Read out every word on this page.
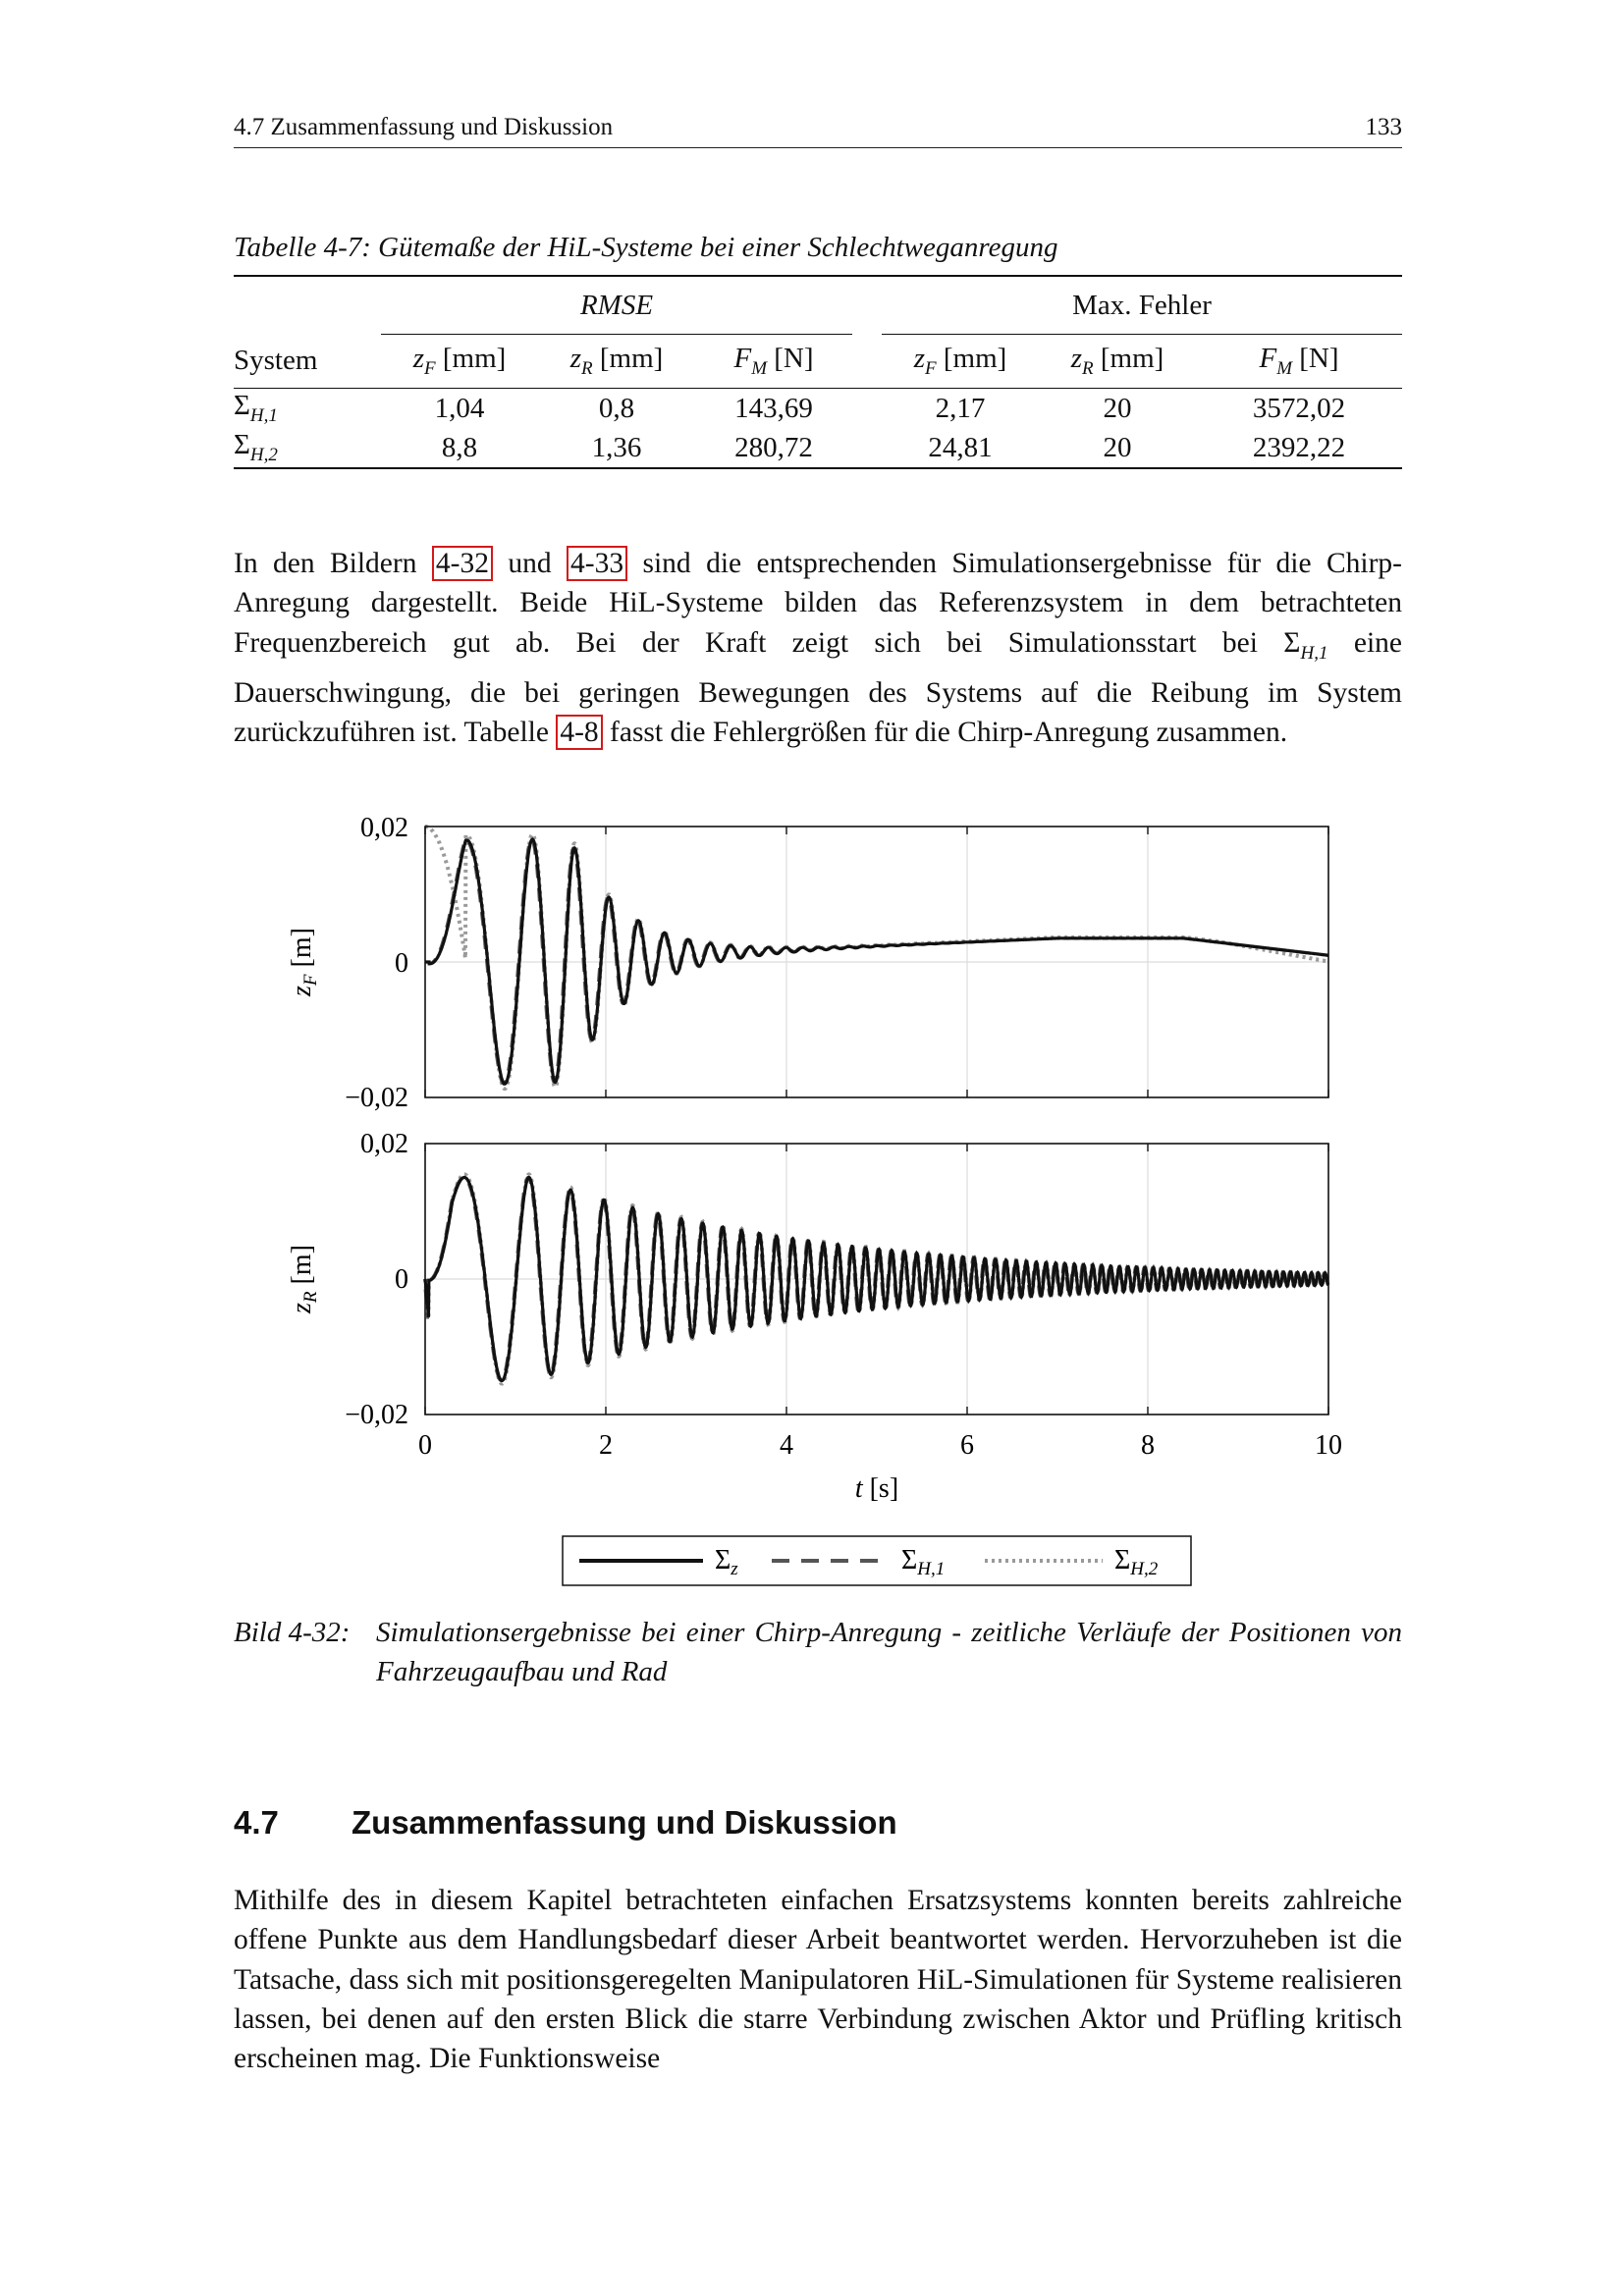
4.7 Zusammenfassung und Diskussion	133
Tabelle 4-7: Gütemaße der HiL-Systeme bei einer Schlechtweganregung
	RMSE				Max. Fehler		
System	$z_F$ [mm]	$z_R$ [mm]	$F_M$ [N]		$z_F$ [mm]	$z_R$ [mm]	$F_M$ [N]
$\Sigma_{H,1}$	1,04	0,8	143,69		2,17	20	3572,02
$\Sigma_{H,2}$	8,8	1,36	280,72		24,81	20	2392,22
In den Bildern 4-32 und 4-33 sind die entsprechenden Simulationsergebnisse für die Chirp-Anregung dargestellt. Beide HiL-Systeme bilden das Referenzsystem in dem betrachteten Frequenzbereich gut ab. Bei der Kraft zeigt sich bei Simulationsstart bei $\Sigma_{H,1}$ eine Dauerschwingung, die bei geringen Bewegungen des Systems auf die Reibung im System zurückzuführen ist. Tabelle 4-8 fasst die Fehlergrößen für die Chirp-Anregung zusammen.
0,02
0
−0,02
0,02
0
−0,02
$z_F$ [m]
$z_R$ [m]
0	2	4	6	8	10
t [s]
$\Sigma_z$	$\Sigma_{H,1}$	$\Sigma_{H,2}$
Bild 4-32: Simulationsergebnisse bei einer Chirp-Anregung - zeitliche Verläufe der Positionen von Fahrzeugaufbau und Rad
4.7 Zusammenfassung und Diskussion
Mithilfe des in diesem Kapitel betrachteten einfachen Ersatzsystems konnten bereits zahlreiche offene Punkte aus dem Handlungsbedarf dieser Arbeit beantwortet werden. Hervorzuheben ist die Tatsache, dass sich mit positionsgeregelten Manipulatoren HiL-Simulationen für Systeme realisieren lassen, bei denen auf den ersten Blick die starre Verbindung zwischen Aktor und Prüfling kritisch erscheinen mag. Die Funktionsweise
